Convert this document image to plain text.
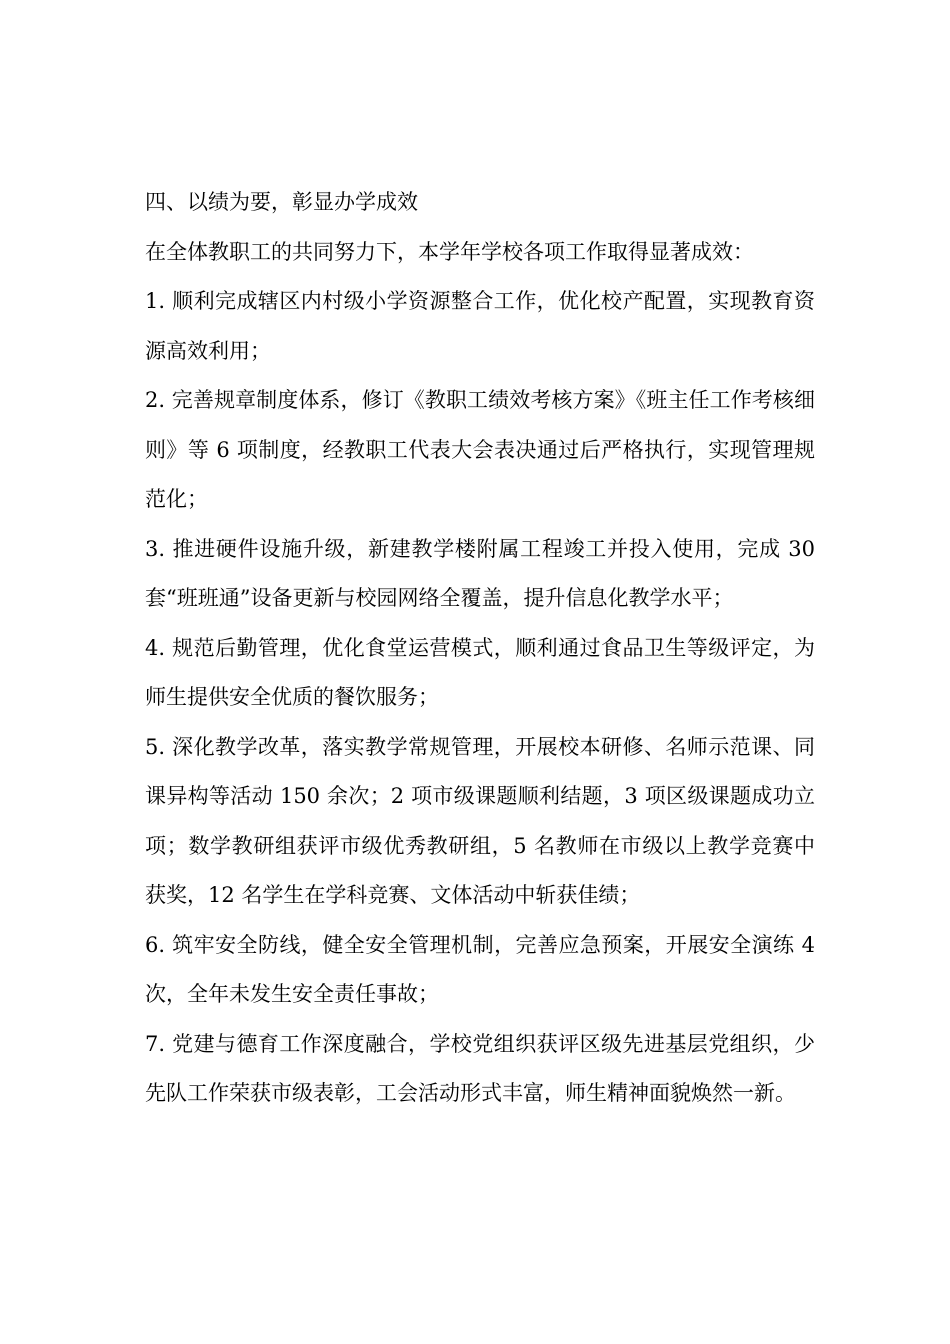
四、以绩为要，彰显办学成效

在全体教职工的共同努力下，本学年学校各项工作取得显著成效：

1. 顺利完成辖区内村级小学资源整合工作，优化校产配置，实现教育资源高效利用；

2. 完善规章制度体系，修订《教职工绩效考核方案》《班主任工作考核细则》等 6 项制度，经教职工代表大会表决通过后严格执行，实现管理规范化；

3. 推进硬件设施升级，新建教学楼附属工程竣工并投入使用，完成 30 套“班班通”设备更新与校园网络全覆盖，提升信息化教学水平；

4. 规范后勤管理，优化食堂运营模式，顺利通过食品卫生等级评定，为师生提供安全优质的餐饮服务；

5. 深化教学改革，落实教学常规管理，开展校本研修、名师示范课、同课异构等活动 150 余次；2 项市级课题顺利结题，3 项区级课题成功立项；数学教研组获评市级优秀教研组，5 名教师在市级以上教学竞赛中获奖，12 名学生在学科竞赛、文体活动中斩获佳绩；

6. 筑牢安全防线，健全安全管理机制，完善应急预案，开展安全演练 4 次，全年未发生安全责任事故；

7. 党建与德育工作深度融合，学校党组织获评区级先进基层党组织，少先队工作荣获市级表彰，工会活动形式丰富，师生精神面貌焕然一新。
